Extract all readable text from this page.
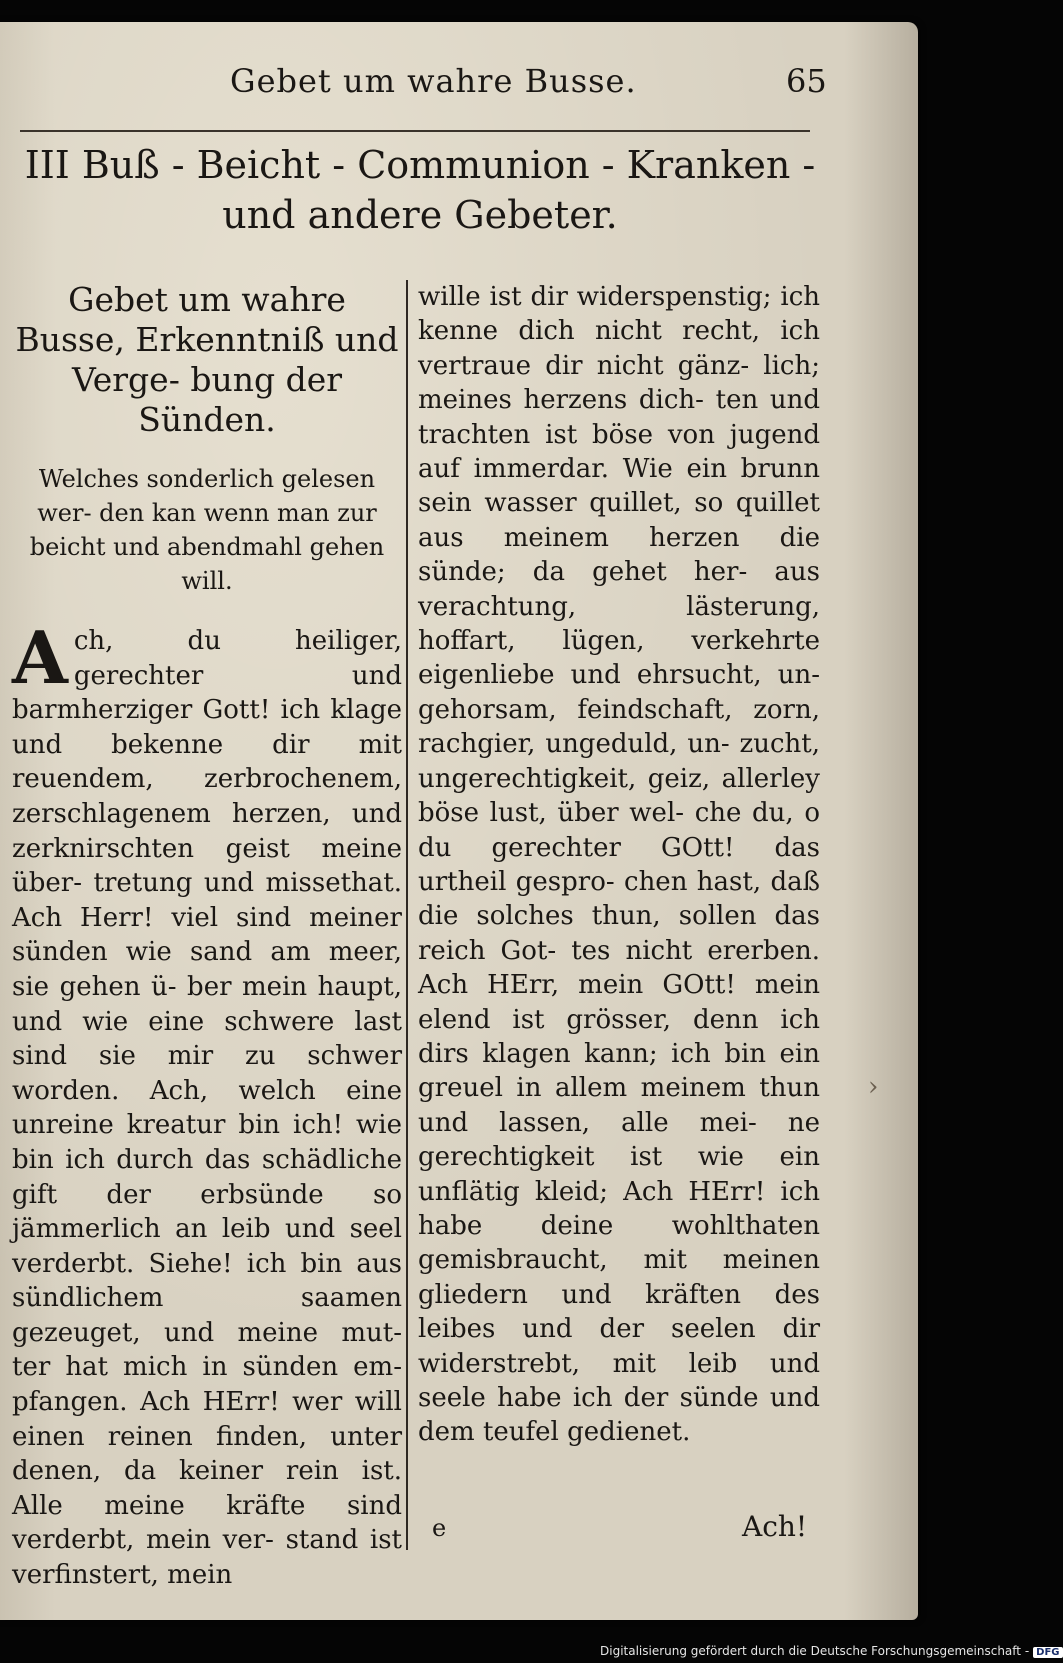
Gebet um wahre Busse.	65
III Buß - Beicht - Communion - Kranken - und andere Gebeter.

Gebet um wahre Busse, Erkenntniß und Verge- bung der Sünden.

Welches sonderlich gelesen wer- den kan wenn man zur beicht und abendmahl gehen will.

A ch, du heiliger, gerechter und barmherziger Gott! ich klage und bekenne dir mit reuendem, zerbrochenem, zerschlagenem herzen, und zerknirschten geist meine über- tretung und missethat. Ach Herr! viel sind meiner sünden wie sand am meer, sie gehen ü- ber mein haupt, und wie eine schwere last sind sie mir zu schwer worden. Ach, welch eine unreine kreatur bin ich! wie bin ich durch das schädliche gift der erbsünde so jämmerlich an leib und seel verderbt. Siehe! ich bin aus sündlichem saamen gezeuget, und meine mut- ter hat mich in sünden em- pfangen. Ach HErr! wer will einen reinen finden, unter denen, da keiner rein ist. Alle meine kräfte sind verderbt, mein ver- stand ist verfinstert, mein

wille ist dir widerspenstig; ich kenne dich nicht recht, ich vertraue dir nicht gänz- lich; meines herzens dich- ten und trachten ist böse von jugend auf immerdar. Wie ein brunn sein wasser quillet, so quillet aus meinem herzen die sünde; da gehet her- aus verachtung, lästerung, hoffart, lügen, verkehrte eigenliebe und ehrsucht, un- gehorsam, feindschaft, zorn, rachgier, ungeduld, un- zucht, ungerechtigkeit, geiz, allerley böse lust, über wel- che du, o du gerechter GOtt! das urtheil gespro- chen hast, daß die solches thun, sollen das reich Got- tes nicht ererben. Ach HErr, mein GOtt! mein elend ist grösser, denn ich dirs klagen kann; ich bin ein greuel in allem meinem thun und lassen, alle mei- ne gerechtigkeit ist wie ein unflätig kleid; Ach HErr! ich habe deine wohlthaten gemisbraucht, mit meinen gliedern und kräften des leibes und der seelen dir widerstrebt, mit leib und seele habe ich der sünde und dem teufel gedienet.

e	Ach!
›
Digitalisierung gefördert durch die Deutsche Forschungsgemeinschaft - DFG
